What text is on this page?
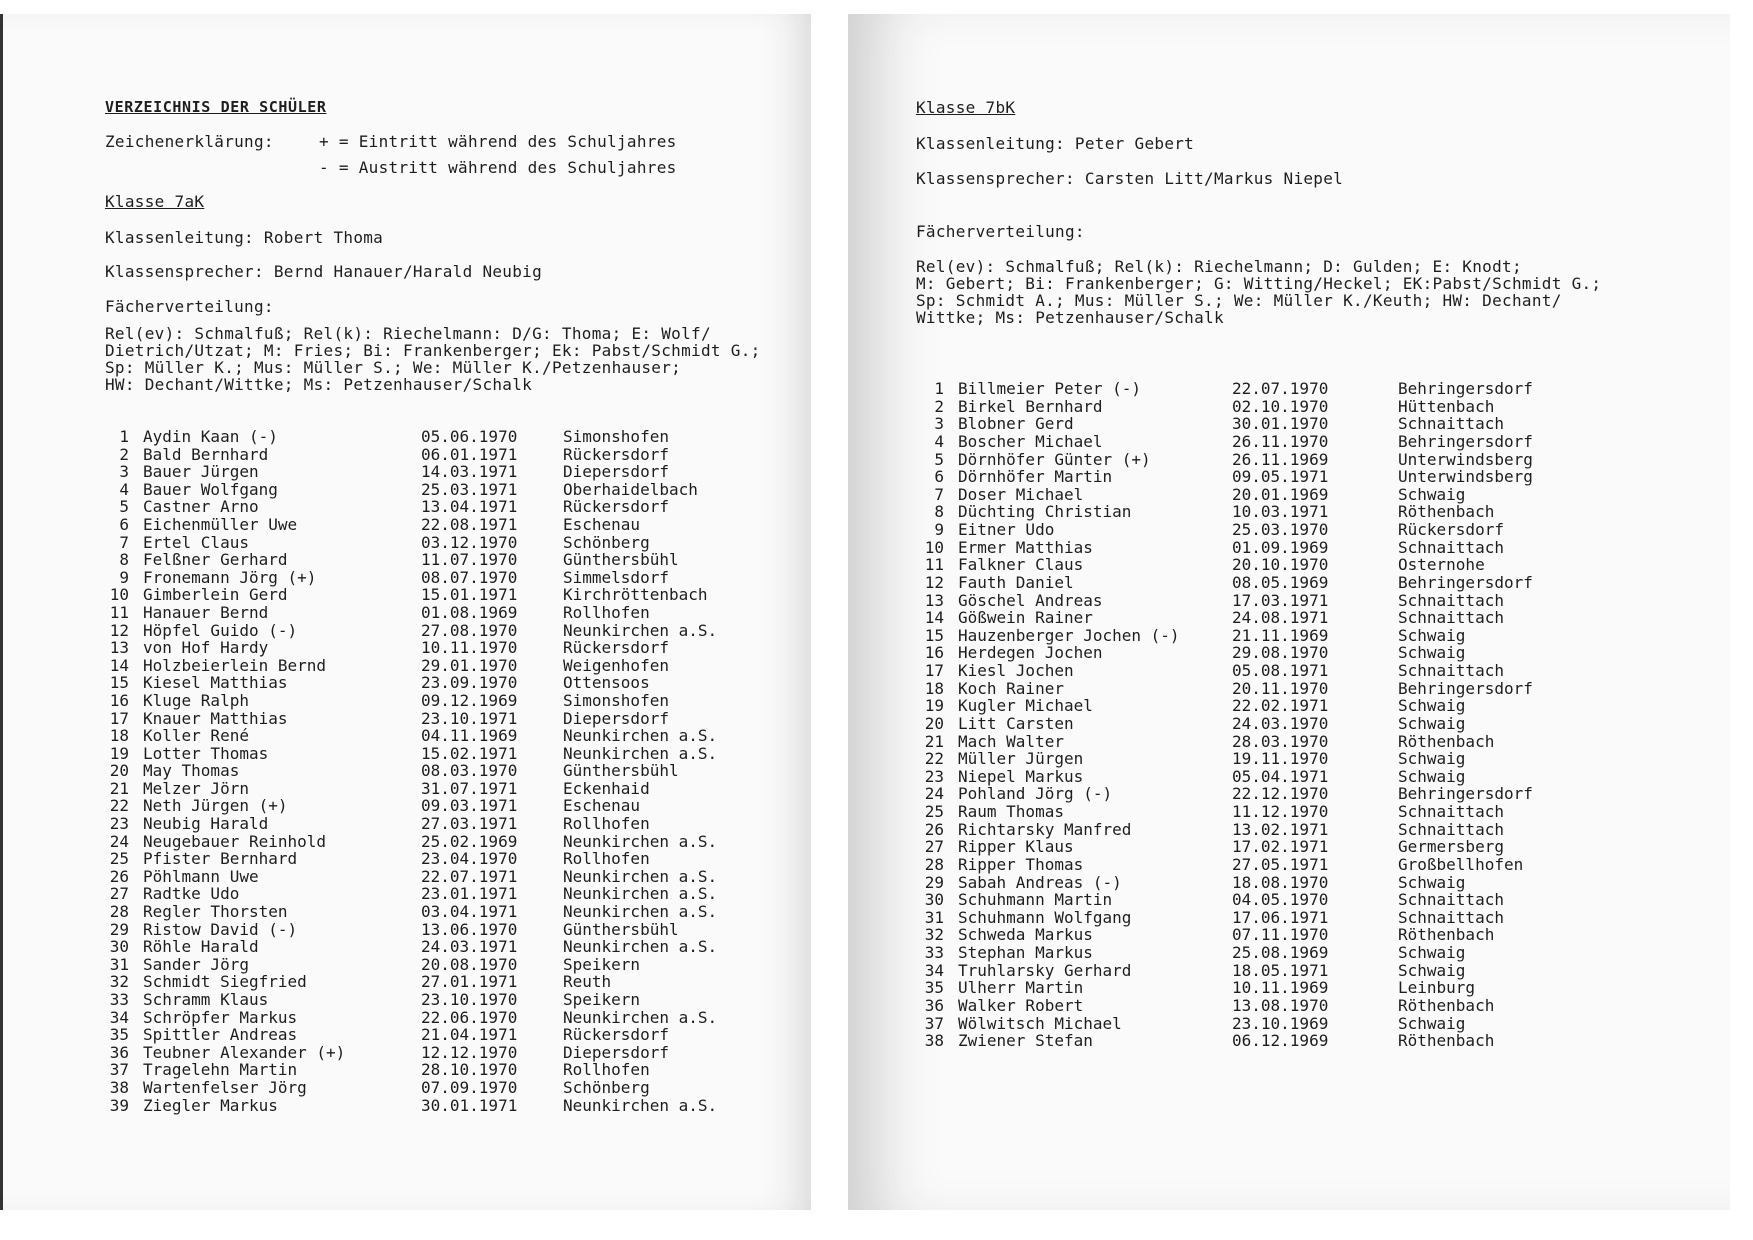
VERZEICHNIS DER SCHÜLER
Zeichenerklärung:	+ = Eintritt während des Schuljahres
- = Austritt während des Schuljahres
Klasse 7aK
Klassenleitung: Robert Thoma
Klassensprecher: Bernd Hanauer/Harald Neubig
Fächerverteilung:
Rel(ev): Schmalfuß; Rel(k): Riechelmann: D/G: Thoma; E: Wolf/
Dietrich/Utzat; M: Fries; Bi: Frankenberger; Ek: Pabst/Schmidt G.;
Sp: Müller K.; Mus: Müller S.; We: Müller K./Petzenhauser;
HW: Dechant/Wittke; Ms: Petzenhauser/Schalk
1 Aydin Kaan (-)	05.06.1970	Simonshofen
2 Bald Bernhard	06.01.1971	Rückersdorf
3 Bauer Jürgen	14.03.1971	Diepersdorf
4 Bauer Wolfgang	25.03.1971	Oberhaidelbach
5 Castner Arno	13.04.1971	Rückersdorf
6 Eichenmüller Uwe	22.08.1971	Eschenau
7 Ertel Claus	03.12.1970	Schönberg
8 Felßner Gerhard	11.07.1970	Günthersbühl
9 Fronemann Jörg (+)	08.07.1970	Simmelsdorf
10 Gimberlein Gerd	15.01.1971	Kirchröttenbach
11 Hanauer Bernd	01.08.1969	Rollhofen
12 Höpfel Guido (-)	27.08.1970	Neunkirchen a.S.
13 von Hof Hardy	10.11.1970	Rückersdorf
14 Holzbeierlein Bernd	29.01.1970	Weigenhofen
15 Kiesel Matthias	23.09.1970	Ottensoos
16 Kluge Ralph	09.12.1969	Simonshofen
17 Knauer Matthias	23.10.1971	Diepersdorf
18 Koller René	04.11.1969	Neunkirchen a.S.
19 Lotter Thomas	15.02.1971	Neunkirchen a.S.
20 May Thomas	08.03.1970	Günthersbühl
21 Melzer Jörn	31.07.1971	Eckenhaid
22 Neth Jürgen (+)	09.03.1971	Eschenau
23 Neubig Harald	27.03.1971	Rollhofen
24 Neugebauer Reinhold	25.02.1969	Neunkirchen a.S.
25 Pfister Bernhard	23.04.1970	Rollhofen
26 Pöhlmann Uwe	22.07.1971	Neunkirchen a.S.
27 Radtke Udo	23.01.1971	Neunkirchen a.S.
28 Regler Thorsten	03.04.1971	Neunkirchen a.S.
29 Ristow David (-)	13.06.1970	Günthersbühl
30 Röhle Harald	24.03.1971	Neunkirchen a.S.
31 Sander Jörg	20.08.1970	Speikern
32 Schmidt Siegfried	27.01.1971	Reuth
33 Schramm Klaus	23.10.1970	Speikern
34 Schröpfer Markus	22.06.1970	Neunkirchen a.S.
35 Spittler Andreas	21.04.1971	Rückersdorf
36 Teubner Alexander (+)	12.12.1970	Diepersdorf
37 Tragelehn Martin	28.10.1970	Rollhofen
38 Wartenfelser Jörg	07.09.1970	Schönberg
39 Ziegler Markus	30.01.1971	Neunkirchen a.S.
Klasse 7bK
Klassenleitung: Peter Gebert
Klassensprecher: Carsten Litt/Markus Niepel
Fächerverteilung:
Rel(ev): Schmalfuß; Rel(k): Riechelmann; D: Gulden; E: Knodt;
M: Gebert; Bi: Frankenberger; G: Witting/Heckel; EK:Pabst/Schmidt G.;
Sp: Schmidt A.; Mus: Müller S.; We: Müller K./Keuth; HW: Dechant/
Wittke; Ms: Petzenhauser/Schalk
1 Billmeier Peter (-)	22.07.1970	Behringersdorf
2 Birkel Bernhard	02.10.1970	Hüttenbach
3 Blobner Gerd	30.01.1970	Schnaittach
4 Boscher Michael	26.11.1970	Behringersdorf
5 Dörnhöfer Günter (+)	26.11.1969	Unterwindsberg
6 Dörnhöfer Martin	09.05.1971	Unterwindsberg
7 Doser Michael	20.01.1969	Schwaig
8 Düchting Christian	10.03.1971	Röthenbach
9 Eitner Udo	25.03.1970	Rückersdorf
10 Ermer Matthias	01.09.1969	Schnaittach
11 Falkner Claus	20.10.1970	Osternohe
12 Fauth Daniel	08.05.1969	Behringersdorf
13 Göschel Andreas	17.03.1971	Schnaittach
14 Gößwein Rainer	24.08.1971	Schnaittach
15 Hauzenberger Jochen (-)	21.11.1969	Schwaig
16 Herdegen Jochen	29.08.1970	Schwaig
17 Kiesl Jochen	05.08.1971	Schnaittach
18 Koch Rainer	20.11.1970	Behringersdorf
19 Kugler Michael	22.02.1971	Schwaig
20 Litt Carsten	24.03.1970	Schwaig
21 Mach Walter	28.03.1970	Röthenbach
22 Müller Jürgen	19.11.1970	Schwaig
23 Niepel Markus	05.04.1971	Schwaig
24 Pohland Jörg (-)	22.12.1970	Behringersdorf
25 Raum Thomas	11.12.1970	Schnaittach
26 Richtarsky Manfred	13.02.1971	Schnaittach
27 Ripper Klaus	17.02.1971	Germersberg
28 Ripper Thomas	27.05.1971	Großbellhofen
29 Sabah Andreas (-)	18.08.1970	Schwaig
30 Schuhmann Martin	04.05.1970	Schnaittach
31 Schuhmann Wolfgang	17.06.1971	Schnaittach
32 Schweda Markus	07.11.1970	Röthenbach
33 Stephan Markus	25.08.1969	Schwaig
34 Truhlarsky Gerhard	18.05.1971	Schwaig
35 Ulherr Martin	10.11.1969	Leinburg
36 Walker Robert	13.08.1970	Röthenbach
37 Wölwitsch Michael	23.10.1969	Schwaig
38 Zwiener Stefan	06.12.1969	Röthenbach
